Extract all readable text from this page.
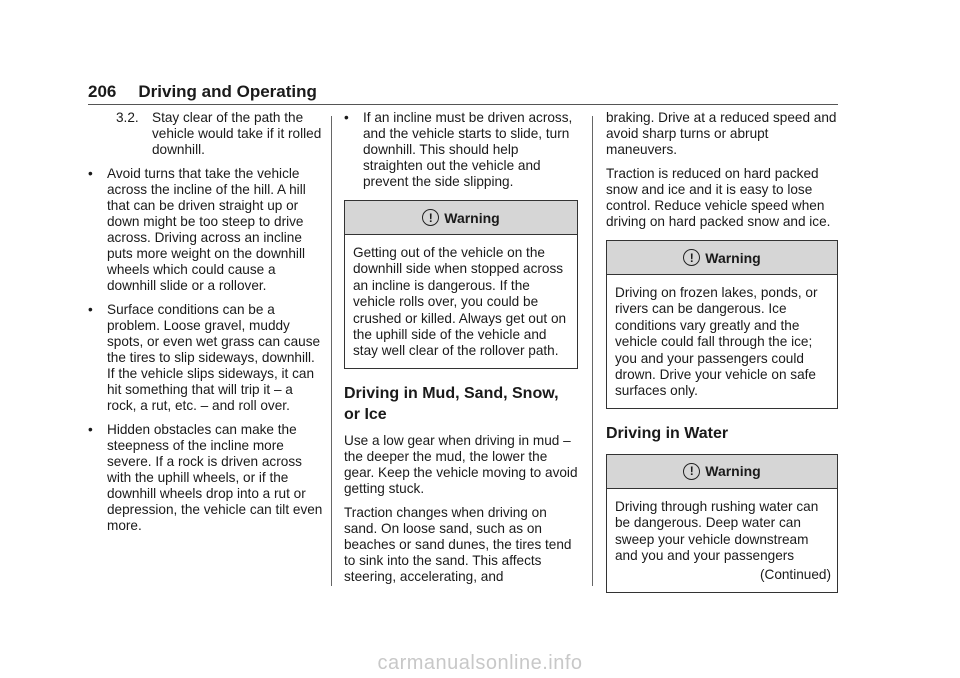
206 Driving and Operating
3.2. Stay clear of the path the vehicle would take if it rolled downhill.
• Avoid turns that take the vehicle across the incline of the hill. A hill that can be driven straight up or down might be too steep to drive across. Driving across an incline puts more weight on the downhill wheels which could cause a downhill slide or a rollover.
• Surface conditions can be a problem. Loose gravel, muddy spots, or even wet grass can cause the tires to slip sideways, downhill. If the vehicle slips sideways, it can hit something that will trip it – a rock, a rut, etc. – and roll over.
• Hidden obstacles can make the steepness of the incline more severe. If a rock is driven across with the uphill wheels, or if the downhill wheels drop into a rut or depression, the vehicle can tilt even more.
• If an incline must be driven across, and the vehicle starts to slide, turn downhill. This should help straighten out the vehicle and prevent the side slipping.
! Warning
Getting out of the vehicle on the downhill side when stopped across an incline is dangerous. If the vehicle rolls over, you could be crushed or killed. Always get out on the uphill side of the vehicle and stay well clear of the rollover path.
Driving in Mud, Sand, Snow, or Ice

Use a low gear when driving in mud – the deeper the mud, the lower the gear. Keep the vehicle moving to avoid getting stuck.

Traction changes when driving on sand. On loose sand, such as on beaches or sand dunes, the tires tend to sink into the sand. This affects steering, accelerating, and

braking. Drive at a reduced speed and avoid sharp turns or abrupt maneuvers.

Traction is reduced on hard packed snow and ice and it is easy to lose control. Reduce vehicle speed when driving on hard packed snow and ice.

! Warning
Driving on frozen lakes, ponds, or rivers can be dangerous. Ice conditions vary greatly and the vehicle could fall through the ice; you and your passengers could drown. Drive your vehicle on safe surfaces only.
Driving in Water
! Warning
Driving through rushing water can be dangerous. Deep water can sweep your vehicle downstream and you and your passengers
(Continued)
carmanualsonline.info
